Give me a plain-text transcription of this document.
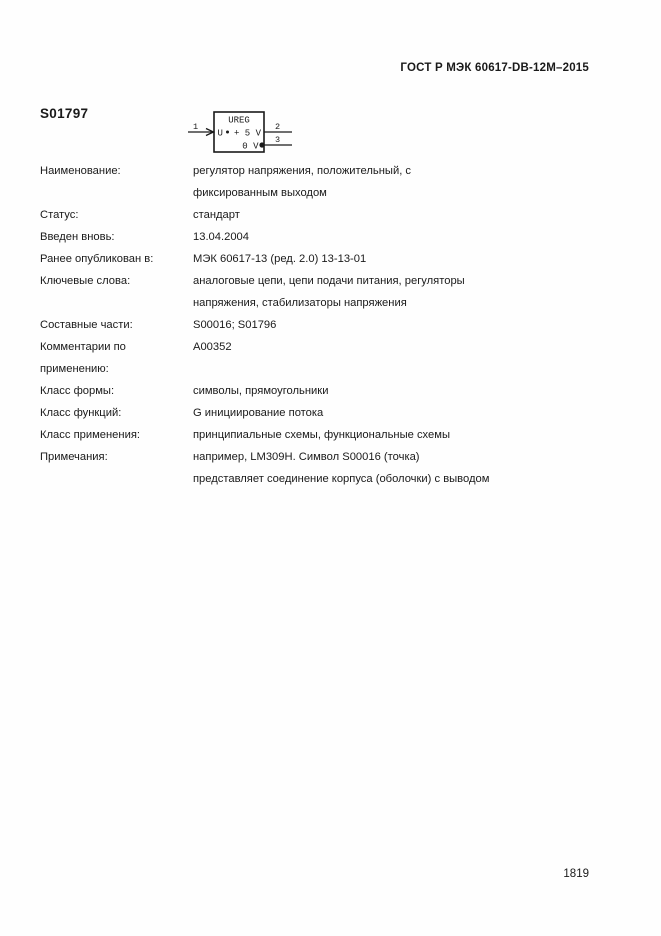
ГОСТ Р МЭК 60617-DB-12M–2015
S01797	UREG
U + 5 V
0 V
1	2
3
Наименование:	регулятор напряжения, положительный, с
фиксированным выходом
Статус:	стандарт
Введен вновь:	13.04.2004
Ранее опубликован в:	МЭК 60617-13 (ред. 2.0) 13-13-01
Ключевые слова:	аналоговые цепи, цепи подачи питания, регуляторы
напряжения, стабилизаторы напряжения
Составные части:	S00016; S01796
Комментарии по	A00352
применению:
Класс формы:	символы, прямоугольники
Класс функций:	G инициирование потока
Класс применения:	принципиальные схемы, функциональные схемы
Примечания:	например, LM309H. Символ S00016 (точка)
представляет соединение корпуса (оболочки) с выводом
1819
